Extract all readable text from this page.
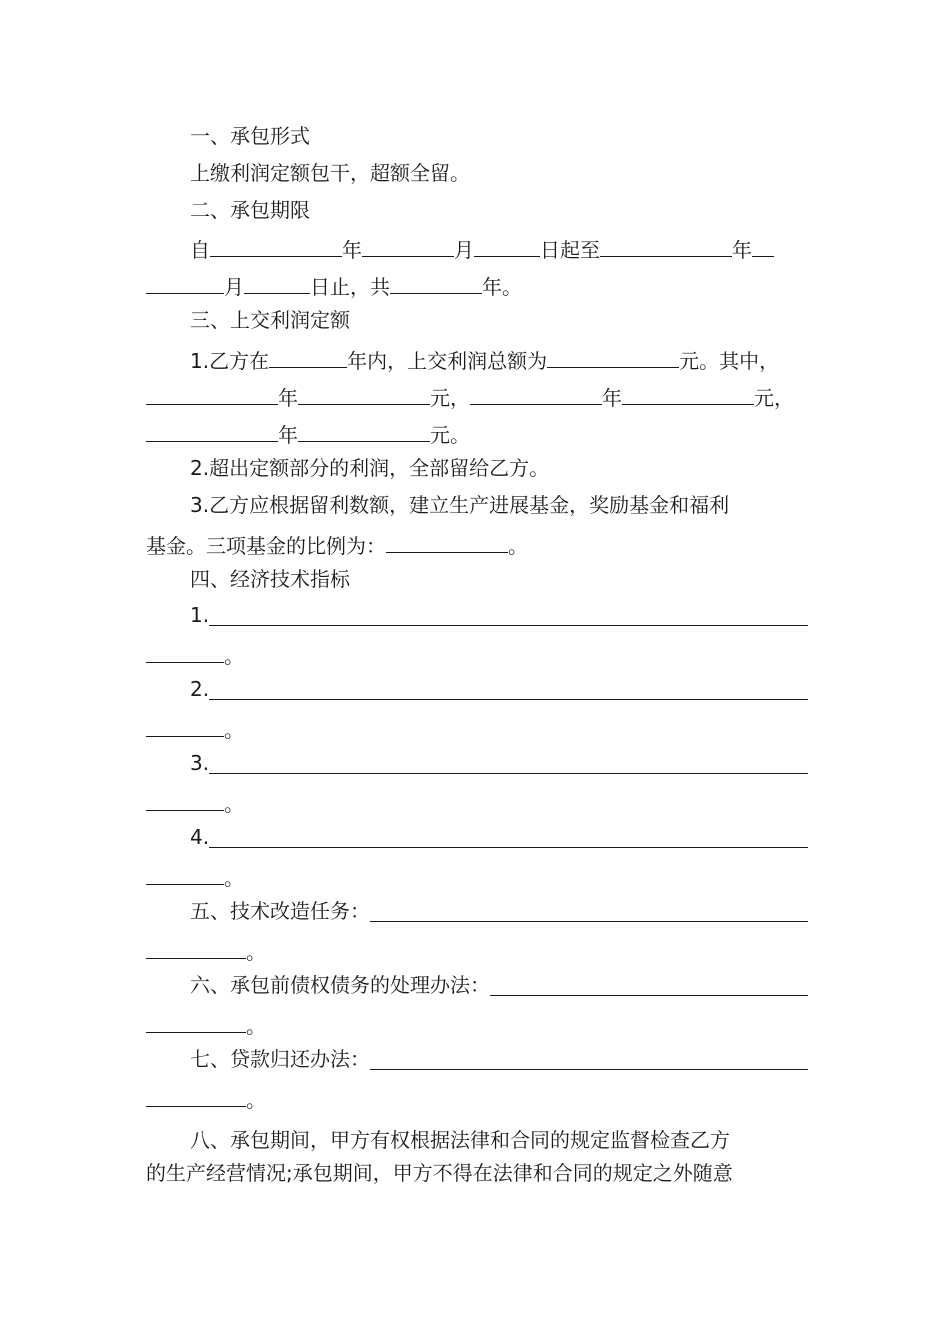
一、承包形式
上缴利润定额包干，超额全留。
二、承包期限
自	年	月	日起至	年
月	日止，共	年。
三、上交利润定额
1.乙方在	年内，上交利润总额为	元。其中，
年	元，	年	元，
年	元。
2.超出定额部分的利润，全部留给乙方。
3.乙方应根据留利数额，建立生产进展基金，奖励基金和福利
基金。三项基金的比例为：	。
四、经济技术指标
1.
。
2.
。
3.
。
4.
。
五、技术改造任务：
。
六、承包前债权债务的处理办法：
。
七、贷款归还办法：
。
八、承包期间，甲方有权根据法律和合同的规定监督检查乙方
的生产经营情况;承包期间，甲方不得在法律和合同的规定之外随意
